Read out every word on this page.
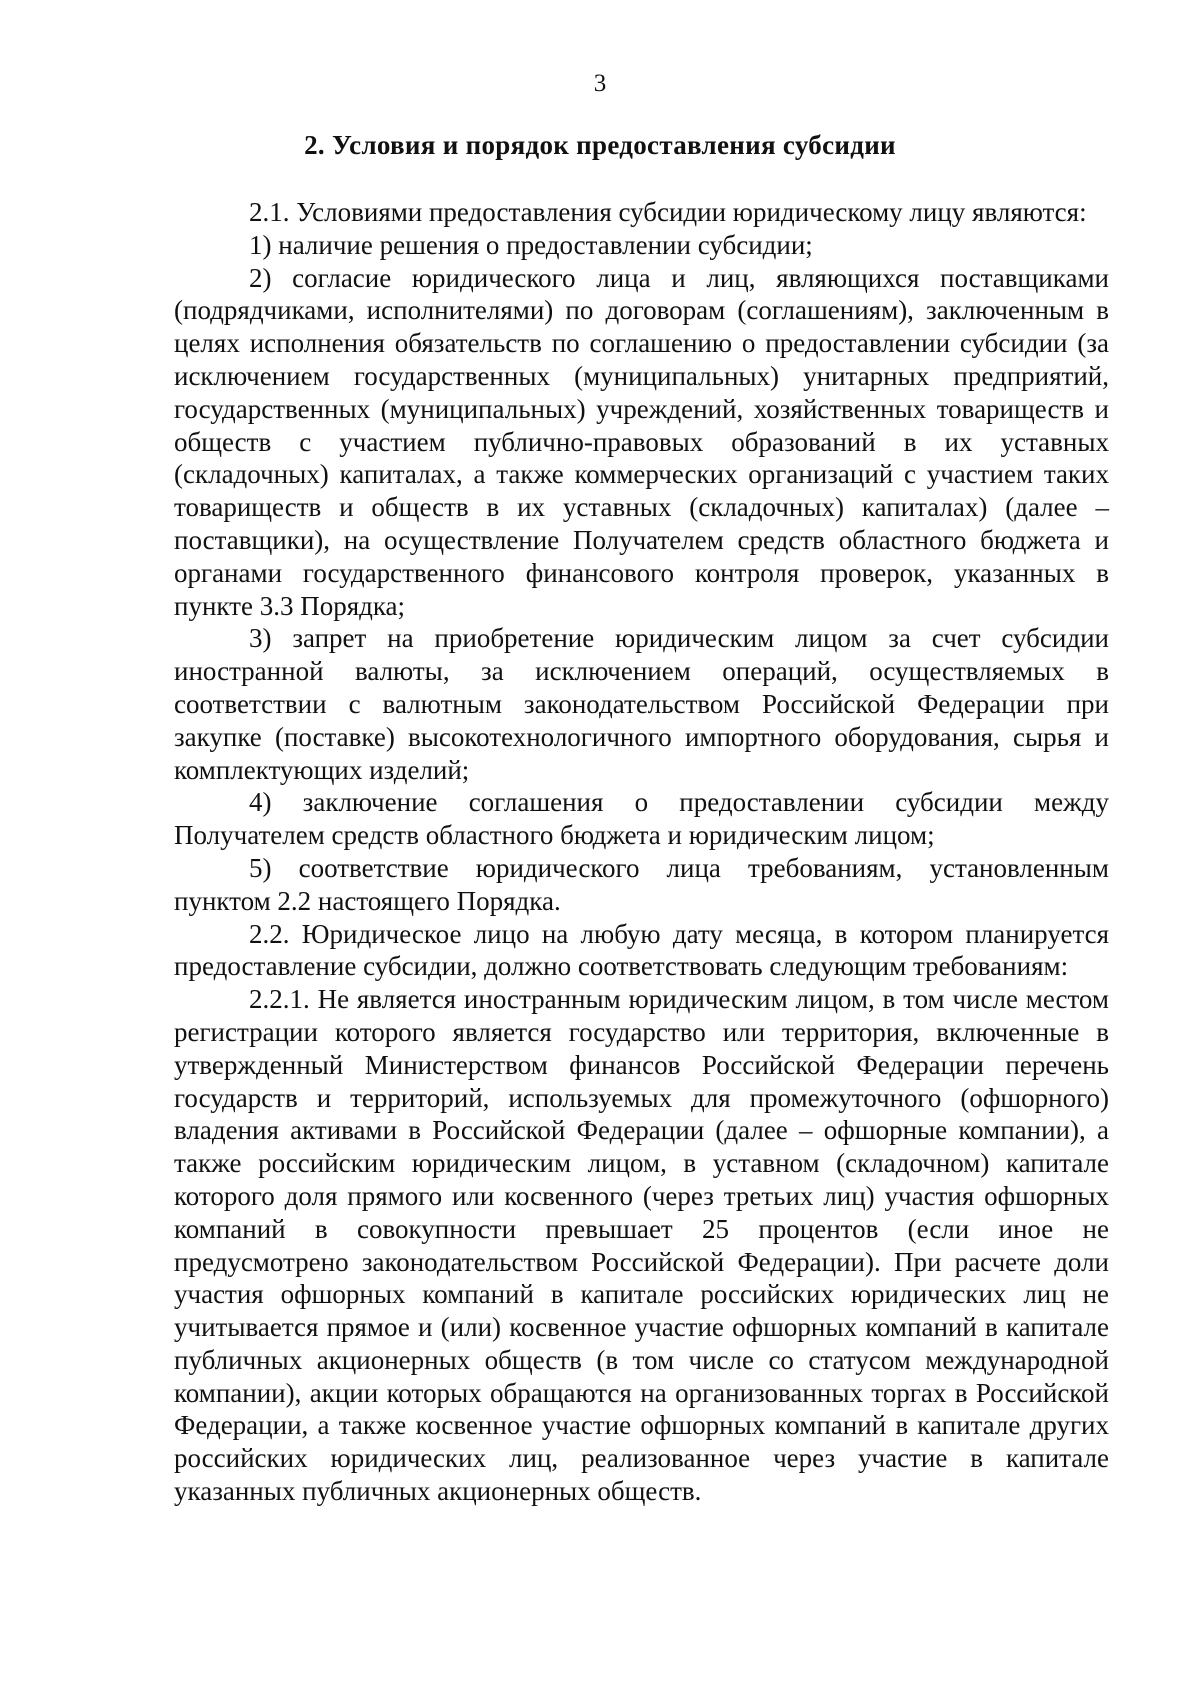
3
2. Условия и порядок предоставления субсидии

2.1. Условиями предоставления субсидии юридическому лицу являются:

1) наличие решения о предоставлении субсидии;

2) согласие юридического лица и лиц, являющихся поставщиками (подрядчиками, исполнителями) по договорам (соглашениям), заключенным в целях исполнения обязательств по соглашению о предоставлении субсидии (за исключением государственных (муниципальных) унитарных предприятий, государственных (муниципальных) учреждений, хозяйственных товариществ и обществ с участием публично-правовых образований в их уставных (складочных) капиталах, а также коммерческих организаций с участием таких товариществ и обществ в их уставных (складочных) капиталах) (далее – поставщики), на осуществление Получателем средств областного бюджета и органами государственного финансового контроля проверок, указанных в пункте 3.3 Порядка;

3) запрет на приобретение юридическим лицом за счет субсидии иностранной валюты, за исключением операций, осуществляемых в соответствии с валютным законодательством Российской Федерации при закупке (поставке) высокотехнологичного импортного оборудования, сырья и комплектующих изделий;

4) заключение соглашения о предоставлении субсидии между Получателем средств областного бюджета и юридическим лицом;

5) соответствие юридического лица требованиям, установленным пунктом 2.2 настоящего Порядка.

2.2. Юридическое лицо на любую дату месяца, в котором планируется предоставление субсидии, должно соответствовать следующим требованиям:

2.2.1. Не является иностранным юридическим лицом, в том числе местом регистрации которого является государство или территория, включенные в утвержденный Министерством финансов Российской Федерации перечень государств и территорий, используемых для промежуточного (офшорного) владения активами в Российской Федерации (далее – офшорные компании), а также российским юридическим лицом, в уставном (складочном) капитале которого доля прямого или косвенного (через третьих лиц) участия офшорных компаний в совокупности превышает 25 процентов (если иное не предусмотрено законодательством Российской Федерации). При расчете доли участия офшорных компаний в капитале российских юридических лиц не учитывается прямое и (или) косвенное участие офшорных компаний в капитале публичных акционерных обществ (в том числе со статусом международной компании), акции которых обращаются на организованных торгах в Российской Федерации, а также косвенное участие офшорных компаний в капитале других российских юридических лиц, реализованное через участие в капитале указанных публичных акционерных обществ.
